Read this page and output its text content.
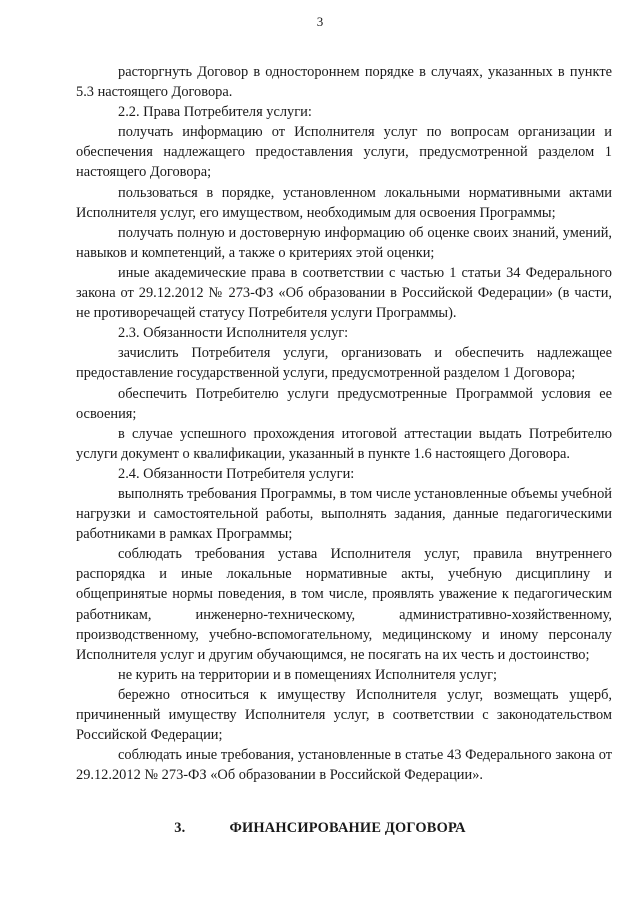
3

расторгнуть Договор в одностороннем порядке в случаях, указанных в пункте 5.3 настоящего Договора.

2.2. Права Потребителя услуги:

получать информацию от Исполнителя услуг по вопросам организации и обеспечения надлежащего предоставления услуги, предусмотренной разделом 1 настоящего Договора;

пользоваться в порядке, установленном локальными нормативными актами Исполнителя услуг, его имуществом, необходимым для освоения Программы;

получать полную и достоверную информацию об оценке своих знаний, умений, навыков и компетенций, а также о критериях этой оценки;

иные академические права в соответствии с частью 1 статьи 34 Федерального закона от 29.12.2012 № 273-ФЗ «Об образовании в Российской Федерации» (в части, не противоречащей статусу Потребителя услуги Программы).

2.3. Обязанности Исполнителя услуг:

зачислить Потребителя услуги, организовать и обеспечить надлежащее предоставление государственной услуги, предусмотренной разделом 1 Договора;

обеспечить Потребителю услуги предусмотренные Программой условия ее освоения;

в случае успешного прохождения итоговой аттестации выдать Потребителю услуги документ о квалификации, указанный в пункте 1.6 настоящего Договора.

2.4. Обязанности Потребителя услуги:

выполнять требования Программы, в том числе установленные объемы учебной нагрузки и самостоятельной работы, выполнять задания, данные педагогическими работниками в рамках Программы;

соблюдать требования устава Исполнителя услуг, правила внутреннего распорядка и иные локальные нормативные акты, учебную дисциплину и общепринятые нормы поведения, в том числе, проявлять уважение к педагогическим работникам, инженерно-техническому, административно-хозяйственному, производственному, учебно-вспомогательному, медицинскому и иному персоналу Исполнителя услуг и другим обучающимся, не посягать на их честь и достоинство;

не курить на территории и в помещениях Исполнителя услуг;

бережно относиться к имуществу Исполнителя услуг, возмещать ущерб, причиненный имуществу Исполнителя услуг, в соответствии с законодательством Российской Федерации;

соблюдать иные требования, установленные в статье 43 Федерального закона от 29.12.2012 № 273-ФЗ «Об образовании в Российской Федерации».

3.	ФИНАНСИРОВАНИЕ ДОГОВОРА
